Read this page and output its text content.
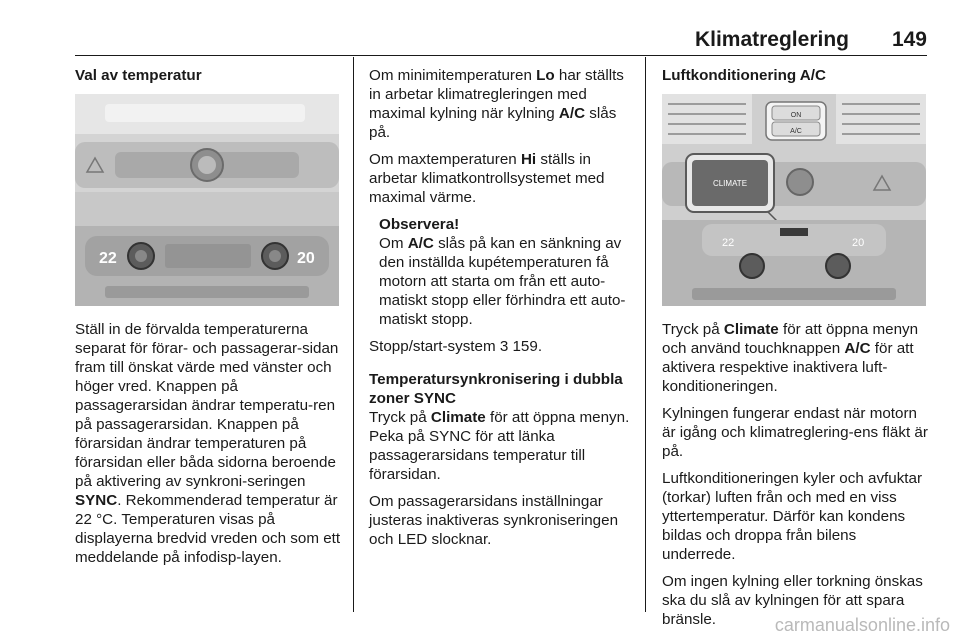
Klimatreglering 149

Val av temperatur

22	20

Ställ in de förvalda temperaturerna separat för förar- och passagerar-sidan fram till önskat värde med vänster och höger vred. Knappen på passagerarsidan ändrar temperatu-ren på passagerarsidan. Knappen på förarsidan ändrar temperaturen på förarsidan eller båda sidorna beroende på aktivering av synkroni-seringen SYNC. Rekommenderad temperatur är 22 °C. Temperaturen visas på displayerna bredvid vreden och som ett meddelande på infodisp-layen.

Om minimitemperaturen Lo har ställts in arbetar klimatregleringen med maximal kylning när kylning A/C slås på.

Om maxtemperaturen Hi ställs in arbetar klimatkontrollsystemet med maximal värme.

Observera!
Om A/C slås på kan en sänkning av den inställda kupétemperaturen få motorn att starta om från ett auto-matiskt stopp eller förhindra ett auto-matiskt stopp.

Stopp/start-system 3 159.

Temperatursynkronisering i dubbla zoner SYNC

Tryck på Climate för att öppna menyn. Peka på SYNC för att länka passagerarsidans temperatur till förarsidan.

Om passagerarsidans inställningar justeras inaktiveras synkroniseringen och LED slocknar.

Luftkonditionering A/C

ON
A/C
CLIMATE
22	20

Tryck på Climate för att öppna menyn och använd touchknappen A/C för att aktivera respektive inaktivera luft-konditioneringen.

Kylningen fungerar endast när motorn är igång och klimatreglering-ens fläkt är på.

Luftkonditioneringen kyler och avfuktar (torkar) luften från och med en viss yttertemperatur. Därför kan kondens bildas och droppa från bilens underrede.

Om ingen kylning eller torkning önskas ska du slå av kylningen för att spara bränsle.	carmanualsonline.info
